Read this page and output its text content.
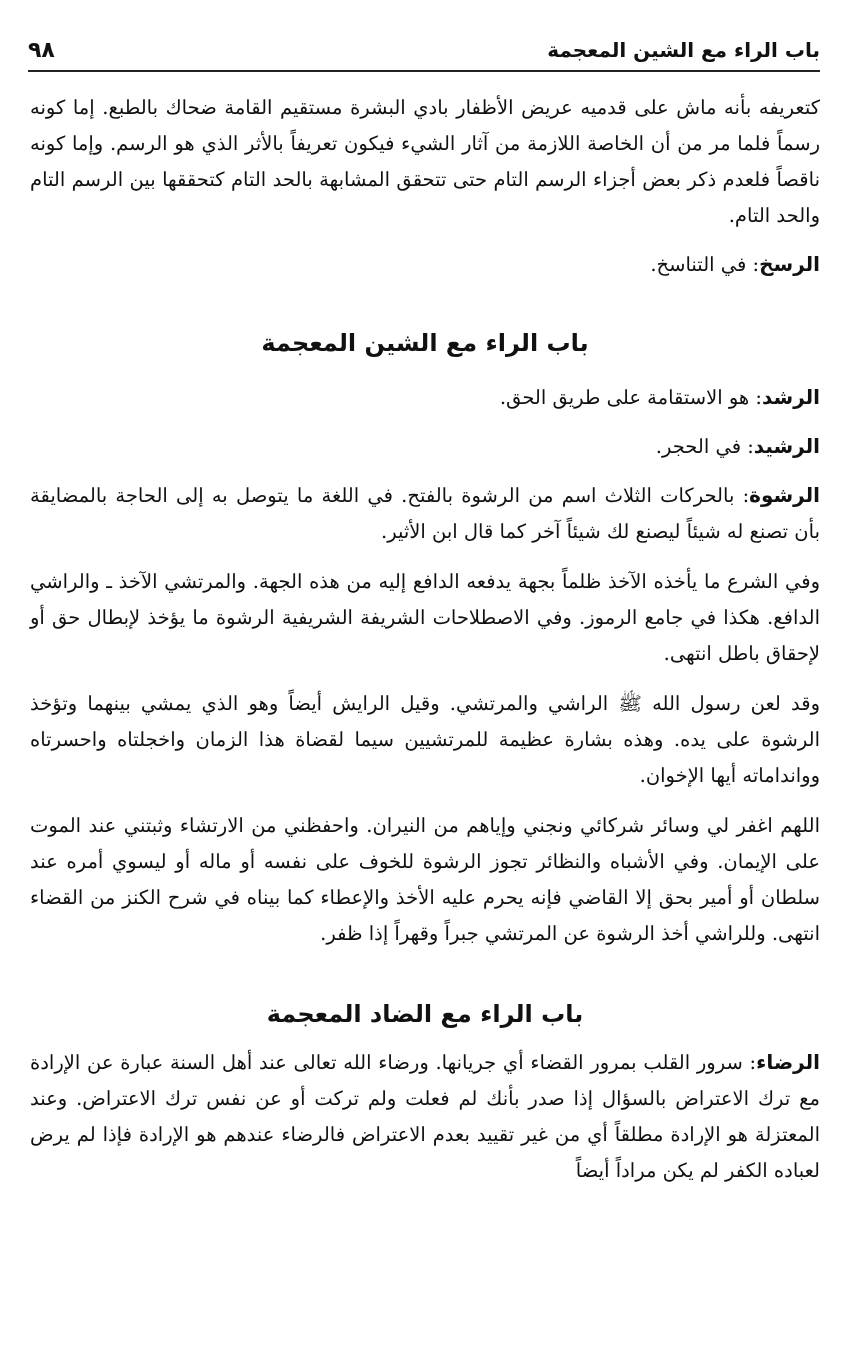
باب الراء مع الشين المعجمة
٩٨

كتعريفه بأنه ماش على قدميه عريض الأظفار بادي البشرة مستقيم القامة ضحاك بالطبع. إما كونه رسماً فلما مر من أن الخاصة اللازمة من آثار الشيء فيكون تعريفاً بالأثر الذي هو الرسم. وإما كونه ناقصاً فلعدم ذكر بعض أجزاء الرسم التام حتى تتحقق المشابهة بالحد التام كتحققها بين الرسم التام والحد التام.

الرسخ: في التناسخ.

باب الراء مع الشين المعجمة

الرشد: هو الاستقامة على طريق الحق.

الرشيد: في الحجر.

الرشوة: بالحركات الثلاث اسم من الرشوة بالفتح. في اللغة ما يتوصل به إلى الحاجة بالمضايقة بأن تصنع له شيئاً ليصنع لك شيئاً آخر كما قال ابن الأثير.

وفي الشرع ما يأخذه الآخذ ظلماً بجهة يدفعه الدافع إليه من هذه الجهة. والمرتشي الآخذ ـ والراشي الدافع. هكذا في جامع الرموز. وفي الاصطلاحات الشريفة الشريفية الرشوة ما يؤخذ لإبطال حق أو لإحقاق باطل انتهى.

وقد لعن رسول الله ﷺ الراشي والمرتشي. وقيل الرايش أيضاً وهو الذي يمشي بينهما وتؤخذ الرشوة على يده. وهذه بشارة عظيمة للمرتشيين سيما لقضاة هذا الزمان واخجلتاه واحسرتاه ووانداماته أيها الإخوان.

اللهم اغفر لي وسائر شركائي ونجني وإياهم من النيران. واحفظني من الارتشاء وثبتني عند الموت على الإيمان. وفي الأشباه والنظائر تجوز الرشوة للخوف على نفسه أو ماله أو ليسوي أمره عند سلطان أو أمير بحق إلا القاضي فإنه يحرم عليه الأخذ والإعطاء كما بيناه في شرح الكنز من القضاء انتهى. وللراشي أخذ الرشوة عن المرتشي جبراً وقهراً إذا ظفر.

باب الراء مع الضاد المعجمة

الرضاء: سرور القلب بمرور القضاء أي جريانها. ورضاء الله تعالى عند أهل السنة عبارة عن الإرادة مع ترك الاعتراض بالسؤال إذا صدر بأنك لم فعلت ولم تركت أو عن نفس ترك الاعتراض. وعند المعتزلة هو الإرادة مطلقاً أي من غير تقييد بعدم الاعتراض فالرضاء عندهم هو الإرادة فإذا لم يرض لعباده الكفر لم يكن مراداً أيضاً
